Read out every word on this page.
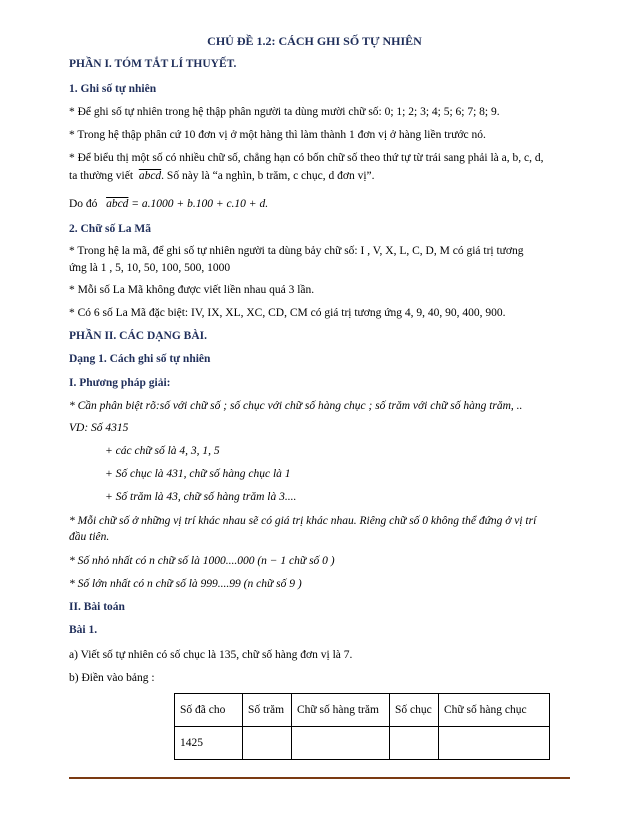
CHỦ ĐỀ 1.2: CÁCH GHI SỐ TỰ NHIÊN
PHẦN I. TÓM TẮT LÍ THUYẾT.
1. Ghi số tự nhiên
* Để ghi số tự nhiên trong hệ thập phân người ta dùng mười chữ số: 0; 1; 2; 3; 4; 5; 6; 7; 8; 9.
* Trong hệ thập phân cứ 10 đơn vị ở một hàng thì làm thành 1 đơn vị ở hàng liền trước nó.
* Để biểu thị một số có nhiều chữ số, chẳng hạn có bốn chữ số theo thứ tự từ trái sang phải là a, b, c, d,
ta thường viết abcd. Số này là “a nghìn, b trăm, c chục, d đơn vị”.
Do đó abcd = a.1000 + b.100 + c.10 + d.
2. Chữ số La Mã
* Trong hệ la mã, để ghi số tự nhiên người ta dùng bảy chữ số: I , V, X, L, C, D, M có giá trị tương
ứng là 1 , 5, 10, 50, 100, 500, 1000
* Mỗi số La Mã không được viết liền nhau quá 3 lần.
* Có 6 số La Mã đặc biệt: IV, IX, XL, XC, CD, CM có giá trị tương ứng 4, 9, 40, 90, 400, 900.
PHẦN II. CÁC DẠNG BÀI.
Dạng 1. Cách ghi số tự nhiên
I. Phương pháp giải:
* Cần phân biệt rõ:số với chữ số ; số chục với chữ số hàng chục ; số trăm với chữ số hàng trăm, ..
VD: Số 4315
+ các chữ số là 4, 3, 1, 5
+ Số chục là 431, chữ số hàng chục là 1
+ Số trăm là 43, chữ số hàng trăm là 3....
* Mỗi chữ số ở những vị trí khác nhau sẽ có giá trị khác nhau. Riêng chữ số 0 không thể đứng ở vị trí
đầu tiên.
* Số nhỏ nhất có n chữ số là 1000....000 (n − 1 chữ số 0 )
* Số lớn nhất có n chữ số là 999....99 (n chữ số 9 )
II. Bài toán
Bài 1.
a) Viết số tự nhiên có số chục là 135, chữ số hàng đơn vị là 7.
b) Điền vào bảng :
Số đã cho	Số trăm	Chữ số hàng trăm	Số chục	Chữ số hàng chục
1425				
